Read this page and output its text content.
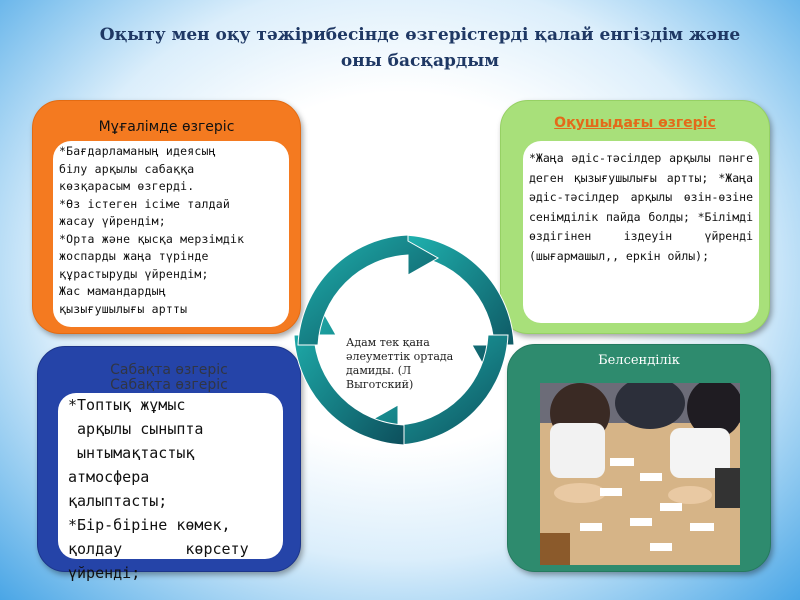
Оқыту мен оқу тәжірибесінде өзгерістерді қалай енгіздім және оны басқардым
Мұғалімде өзгеріс
*Бағдарламаның идеясың
білу арқылы сабаққа
көзқарасым өзгерді.
*Өз істеген ісіме талдай
жасау үйрендім;
*Орта және қысқа мерзімдік
жоспарды жаңа түрінде
құрастыруды үйрендім;
Жас мамандардың
қызығушылығы артты
Оқушыдағы өзгеріс
*Жаңа әдіс-тәсілдер арқылы пәнге деген қызығушылығы артты; *Жаңа әдіс-тәсілдер арқылы өзін-өзіне сенімділік пайда болды; *Білімді өздігінен іздеуін үйренді (шығармашыл,, еркін ойлы);
Сабақта өзгеріс
Сабақта өзгеріс
*Топтық жұмыс
арқылы сыныпта
ынтымақтастық
атмосфера
қалыптасты;
*Бір-біріне көмек,
қолдау       көрсету
үйренді;
Белсенділік
Адам тек қана әлеуметтік ортада дамиды. (Л Выготский)
